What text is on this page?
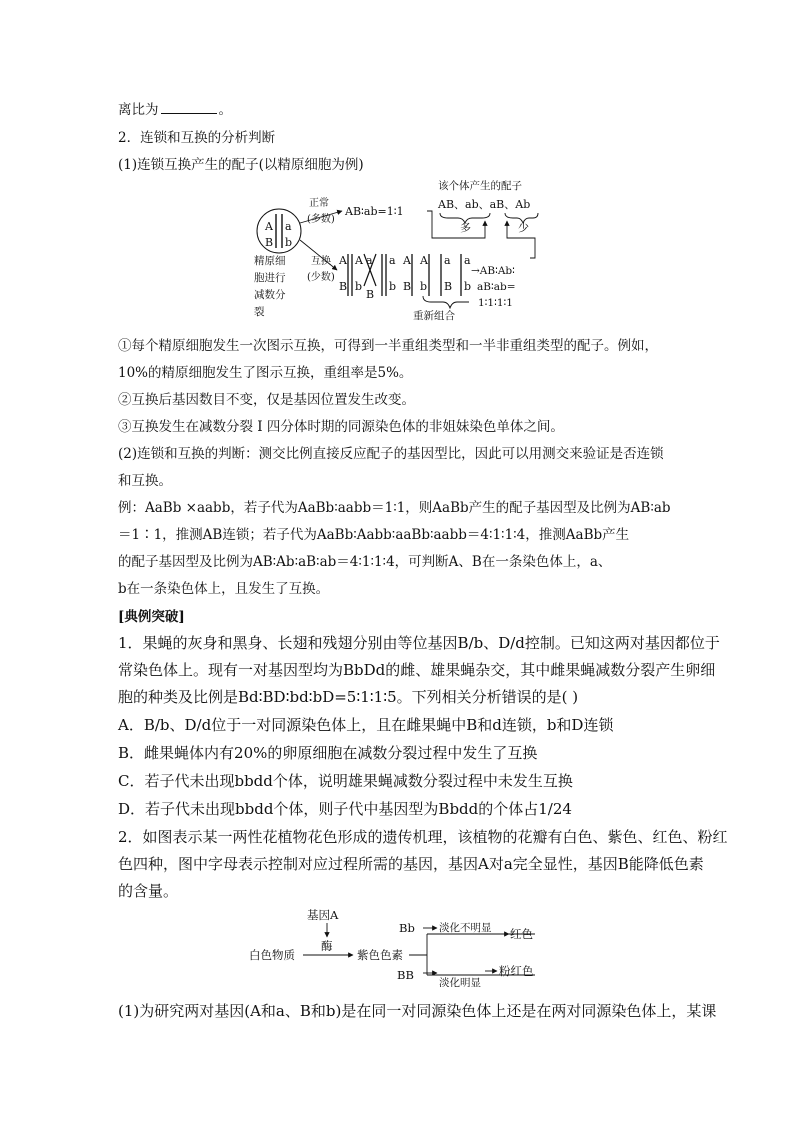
离比为	。
2．连锁和互换的分析判断
(1)连锁互换产生的配子(以精原细胞为例)
A a
B b
精原细
胞进行
减数分
裂
正常
(多数)
AB∶ab=1∶1
该个体产生的配子
AB、ab、aB、Ab
多	少
互换
(少数)
A A a a
B b
B
b
A
B
A
b
a
B
a
b
重新组合
→AB∶Ab∶
aB∶ab=
1∶1∶1∶1
①每个精原细胞发生一次图示互换，可得到一半重组类型和一半非重组类型的配子。例如，
10%的精原细胞发生了图示互换，重组率是5%。
②互换后基因数目不变，仅是基因位置发生改变。
③互换发生在减数分裂 Ⅰ 四分体时期的同源染色体的非姐妹染色单体之间。
(2)连锁和互换的判断：测交比例直接反应配子的基因型比，因此可以用测交来验证是否连锁
和互换。
例：AaBb ×aabb，若子代为AaBb∶aabb＝1∶1，则AaBb产生的配子基因型及比例为AB∶ab
＝1∶1，推测AB连锁；若子代为AaBb∶Aabb∶aaBb∶aabb＝4∶1∶1∶4，推测AaBb产生
的配子基因型及比例为AB∶Ab∶aB∶ab＝4∶1∶1∶4，可判断A、B在一条染色体上，a、
b在一条染色体上，且发生了互换。
[典例突破]
1．果蝇的灰身和黑身、长翅和残翅分别由等位基因B/b、D/d控制。已知这两对基因都位于
常染色体上。现有一对基因型均为BbDd的雌、雄果蝇杂交，其中雌果蝇减数分裂产生卵细
胞的种类及比例是Bd∶BD∶bd∶bD=5∶1∶1∶5。下列相关分析错误的是( )
A．B/b、D/d位于一对同源染色体上，且在雌果蝇中B和d连锁，b和D连锁
B．雌果蝇体内有20%的卵原细胞在减数分裂过程中发生了互换
C．若子代未出现bbdd个体，说明雄果蝇减数分裂过程中未发生互换
D．若子代未出现bbdd个体，则子代中基因型为Bbdd的个体占1/24
2．如图表示某一两性花植物花色形成的遗传机理，该植物的花瓣有白色、紫色、红色、粉红
色四种，图中字母表示控制对应过程所需的基因，基因A对a完全显性，基因B能降低色素
的含量。
基因A
酶
白色物质	紫色色素
Bb
BB
淡化不明显 红色
淡化明显
粉红色
(1)为研究两对基因(A和a、B和b)是在同一对同源染色体上还是在两对同源染色体上，某课
